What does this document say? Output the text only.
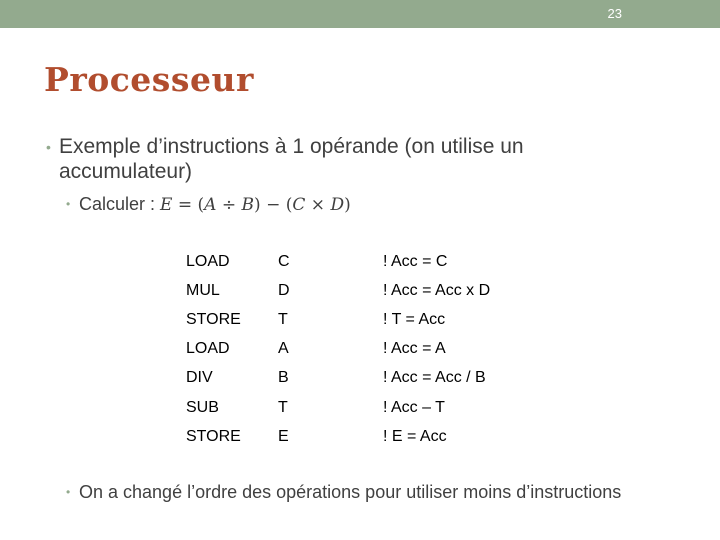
23
Processeur
• Exemple d’instructions à 1 opérande (on utilise un accumulateur)
• Calculer : E = (A ÷ B) − (C × D)
LOAD	C	! Acc = C
MUL	D	! Acc = Acc x D
STORE	T	! T = Acc
LOAD	A	! Acc = A
DIV	B	! Acc = Acc / B
SUB	T	! Acc – T
STORE	E	! E = Acc
• On a changé l’ordre des opérations pour utiliser moins d’instructions
